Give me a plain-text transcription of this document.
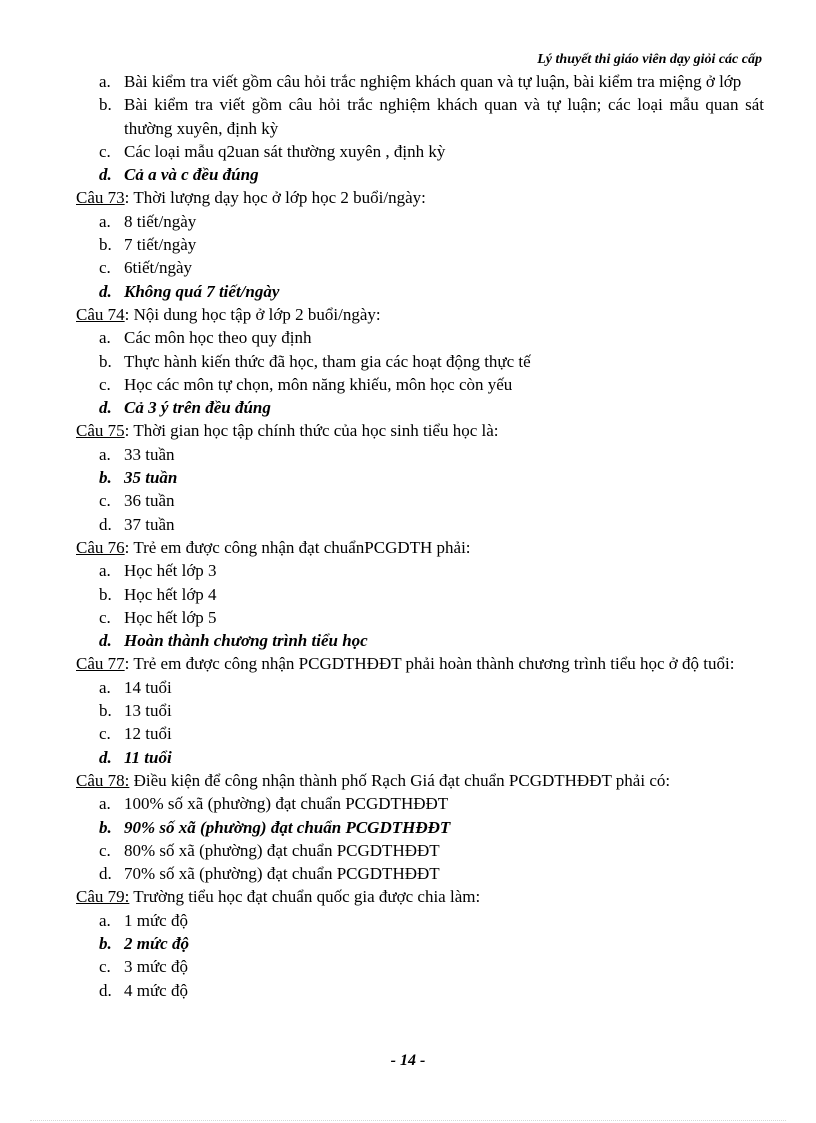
Lý thuyết thi giáo viên dạy giỏi các cấp
a. Bài kiểm tra viết gồm câu hỏi trắc nghiệm khách quan và tự luận, bài kiểm tra miệng ở lớp
b. Bài kiểm tra viết gồm câu hỏi trắc nghiệm khách quan và tự luận; các loại mẫu quan sát thường xuyên, định kỳ
c. Các loại mẫu q2uan sát thường xuyên , định kỳ
d. Cả a và c đều đúng
Câu 73: Thời lượng dạy học ở lớp học 2 buổi/ngày:
a. 8 tiết/ngày
b. 7 tiết/ngày
c. 6tiết/ngày
d. Không quá 7 tiết/ngày
Câu 74: Nội dung học tập ở lớp 2 buổi/ngày:
a. Các môn học theo quy định
b. Thực hành kiến thức đã học, tham gia các hoạt động thực tế
c. Học các môn tự chọn, môn năng khiếu, môn học còn yếu
d. Cả 3 ý trên đều đúng
Câu 75: Thời gian học tập chính thức của học sinh tiểu học là:
a. 33 tuần
b. 35 tuần
c. 36 tuần
d. 37 tuần
Câu 76: Trẻ em được công nhận đạt chuẩnPCGDTH phải:
a. Học hết lớp 3
b. Học hết lớp 4
c. Học hết lớp 5
d. Hoàn thành chương trình tiểu học
Câu 77: Trẻ em được công nhận PCGDTHĐĐT phải hoàn thành chương trình tiểu học ở độ tuổi:
a. 14 tuổi
b. 13 tuổi
c. 12 tuổi
d. 11 tuổi
Câu 78: Điều kiện để công nhận thành phố Rạch Giá đạt chuẩn PCGDTHĐĐT phải có:
a. 100% số xã (phường) đạt chuẩn PCGDTHĐĐT
b. 90% số xã (phường) đạt chuẩn PCGDTHĐĐT
c. 80% số xã (phường) đạt chuẩn PCGDTHĐĐT
d. 70% số xã (phường) đạt chuẩn PCGDTHĐĐT
Câu 79: Trường tiểu học đạt chuẩn quốc gia được chia làm:
a. 1 mức độ
b. 2 mức độ
c. 3 mức độ
d. 4 mức độ
- 14 -
